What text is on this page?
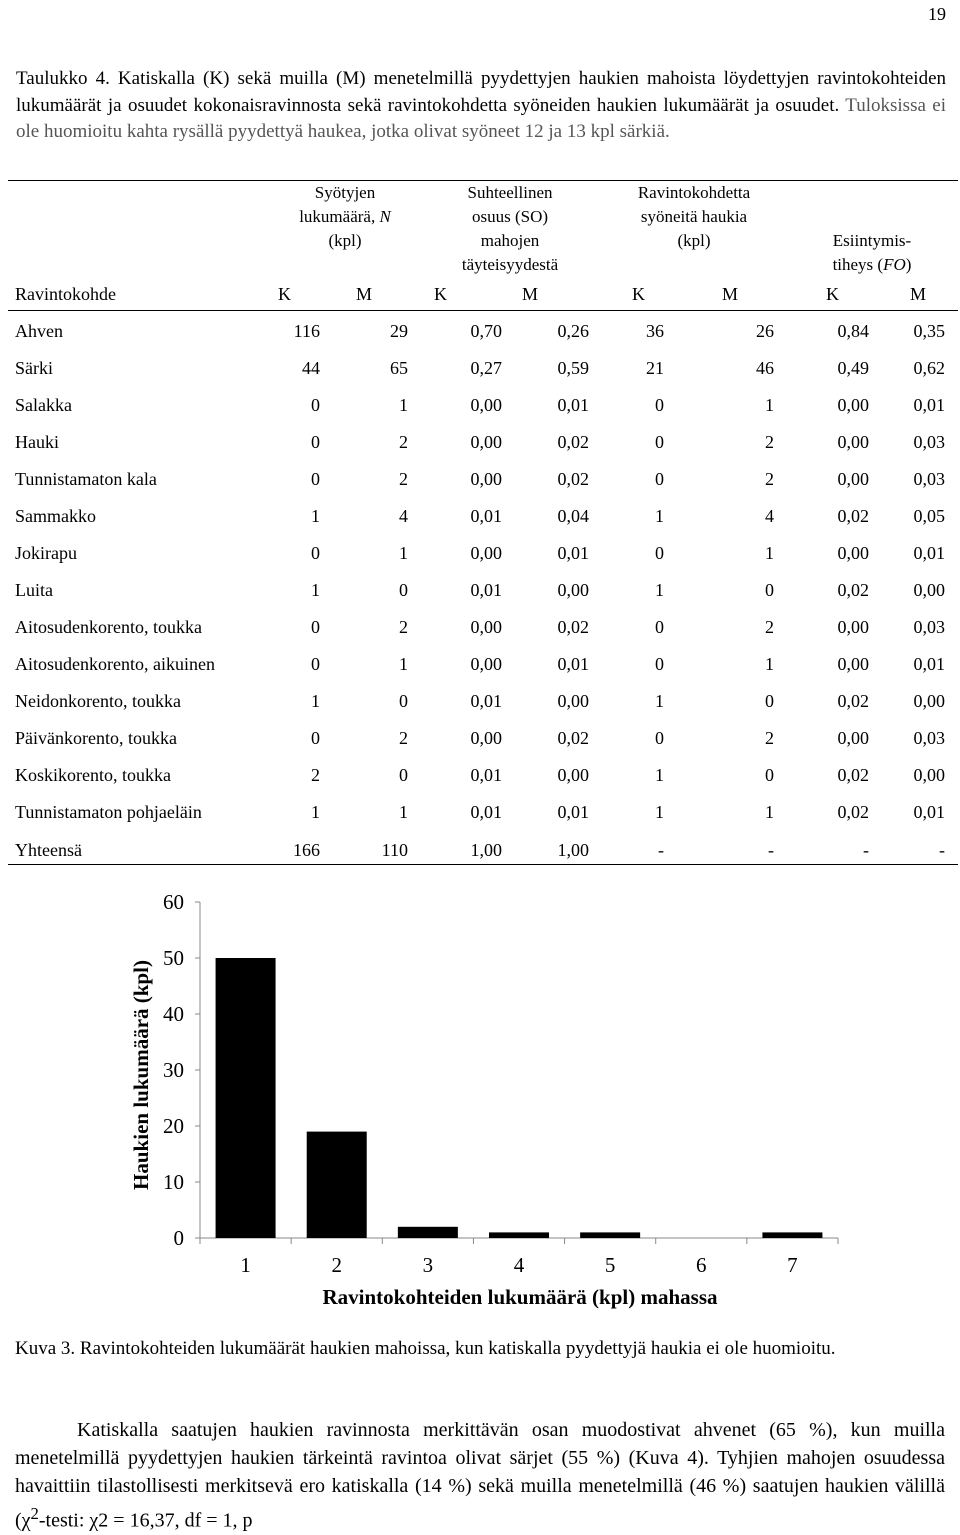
19

Taulukko 4. Katiskalla (K) sekä muilla (M) menetelmillä pyydettyjen haukien mahoista löydettyjen ravintokohteiden lukumäärät ja osuudet kokonaisravinnosta sekä ravintokohdetta syöneiden haukien lukumäärät ja osuudet. Tuloksissa ei ole huomioitu kahta rysällä pyydettyä haukea, jotka olivat syöneet 12 ja 13 kpl särkiä.

Syötyjen
lukumäärä, N
(kpl)
Suhteellinen
osuus (SO)
mahojen
täyteisyydestä
Ravintokohdetta
syöneitä haukia
(kpl)	Esiintymis-
tiheys (FO)
Ravintokohde	K	M	K	M	K	M	K	M
Ahven	116	29	0,70	0,26	36	26	0,84 0,35
Särki	44	65	0,27	0,59	21	46	0,49 0,62
Salakka	0	1	0,00	0,01	0	1	0,00 0,01
Hauki	0	2	0,00	0,02	0	2	0,00 0,03
Tunnistamaton kala	0	2	0,00	0,02	0	2	0,00 0,03
Sammakko	1	4	0,01	0,04	1	4	0,02 0,05
Jokirapu	0	1	0,00	0,01	0	1	0,00 0,01
Luita	1	0	0,01	0,00	1	0	0,02 0,00
Aitosudenkorento, toukka	0	2	0,00	0,02	0	2	0,00 0,03
Aitosudenkorento, aikuinen	0	1	0,00	0,01	0	1	0,00 0,01
Neidonkorento, toukka	1	0	0,01	0,00	1	0	0,02 0,00
Päivänkorento, toukka	0	2	0,00	0,02	0	2	0,00 0,03
Koskikorento, toukka	2	0	0,01	0,00	1	0	0,02 0,00
Tunnistamaton pohjaeläin	1	1	0,01	0,01	1	1	0,02 0,01
Yhteensä	166	110	1,00	1,00	-	-	-	-
0
10
20
30
40
50
60
1	2	3	4	5	6	7
Haukien lukumäärä (kpl)
Ravintokohteiden lukumäärä (kpl) mahassa

Kuva 3. Ravintokohteiden lukumäärät haukien mahoissa, kun katiskalla pyydettyjä haukia ei ole huomioitu.

Katiskalla saatujen haukien ravinnosta merkittävän osan muodostivat ahvenet (65 %), kun muilla menetelmillä pyydettyjen haukien tärkeintä ravintoa olivat särjet (55 %) (Kuva 4). Tyhjien mahojen osuudessa havaittiin tilastollisesti merkitsevä ero katiskalla (14 %) sekä muilla menetelmillä (46 %) saatujen haukien välillä ($\chi^2$-testi: χ2 = 16,37, df = 1, p
